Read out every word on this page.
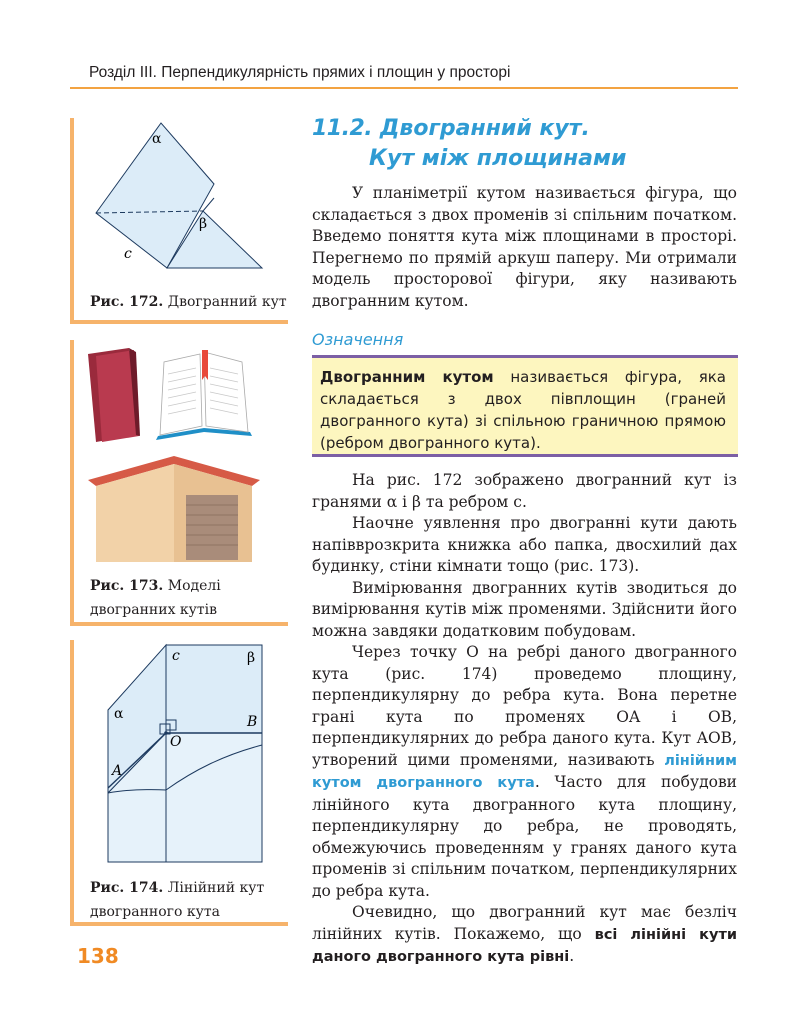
Розділ ІІІ. Перпендикулярність прямих і площин у просторі
α
β
c
Рис. 172. Двогранний кут
Рис. 173. Моделі
двогранних кутів
c	β
α
O
A
B
Рис. 174. Лінійний кут
двогранного кута
11.2. Двогранний кут.
Кут між площинами

У планіметрії кутом називається фігура, що складається з двох променів зі спільним початком. Введемо поняття кута між площинами в просторі. Перегнемо по прямій аркуш паперу. Ми отримали модель просторової фігури, яку називають двогранним кутом.

Означення
Двогранним кутом називається фігура, яка складається з двох півплощин (граней двогранного кута) зі спільною граничною прямою (ребром двогранного кута).

На рис. 172 зображено двогранний кут із гранями α і β та ребром c.

Наочне уявлення про двогранні кути дають напівврозкрита книжка або папка, двосхилий дах будинку, стіни кімнати тощо (рис. 173).

Вимірювання двогранних кутів зводиться до вимірювання кутів між променями. Здійснити його можна завдяки додатковим побудовам.

Через точку O на ребрі даного двогранного кута (рис. 174) проведемо площину, перпендикулярну до ребра кута. Вона перетне грані кута по променях OA і OB, перпендикулярних до ребра даного кута. Кут AOB, утворений цими променями, називають лінійним кутом двогранного кута. Часто для побудови лінійного кута двогранного кута площину, перпендикулярну до ребра, не проводять, обмежуючись проведенням у гранях даного кута променів зі спільним початком, перпендикулярних до ребра кута.

Очевидно, що двогранний кут має безліч лінійних кутів. Покажемо, що всі лінійні кути даного двогранного кута рівні.

138
